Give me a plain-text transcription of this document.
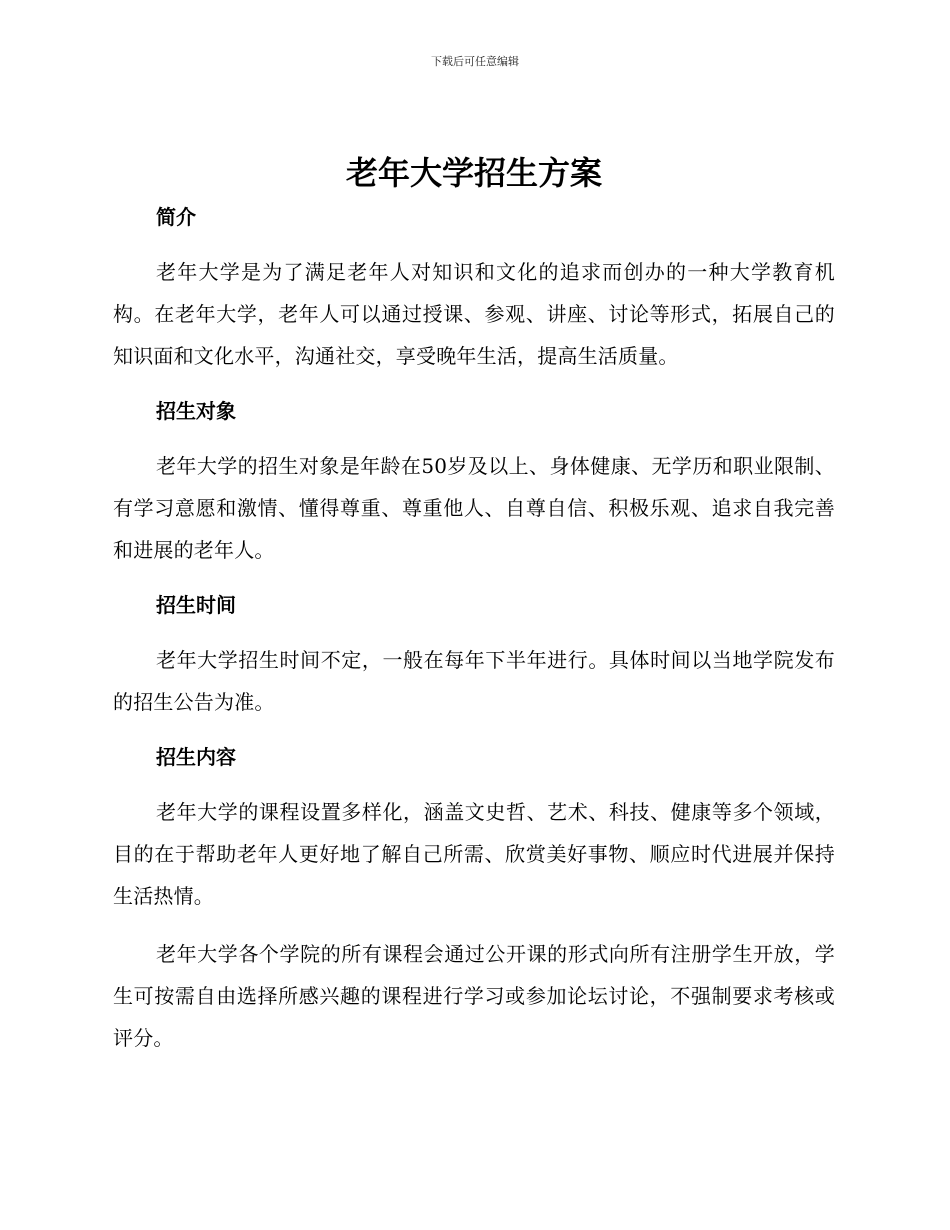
下载后可任意编辑
老年大学招生方案
简介

老年大学是为了满足老年人对知识和文化的追求而创办的一种大学教育机构。在老年大学，老年人可以通过授课、参观、讲座、讨论等形式，拓展自己的知识面和文化水平，沟通社交，享受晚年生活，提高生活质量。

招生对象

老年大学的招生对象是年龄在50岁及以上、身体健康、无学历和职业限制、有学习意愿和激情、懂得尊重、尊重他人、自尊自信、积极乐观、追求自我完善和进展的老年人。

招生时间

老年大学招生时间不定，一般在每年下半年进行。具体时间以当地学院发布的招生公告为准。

招生内容

老年大学的课程设置多样化，涵盖文史哲、艺术、科技、健康等多个领域，目的在于帮助老年人更好地了解自己所需、欣赏美好事物、顺应时代进展并保持生活热情。

老年大学各个学院的所有课程会通过公开课的形式向所有注册学生开放，学生可按需自由选择所感兴趣的课程进行学习或参加论坛讨论，不强制要求考核或评分。
